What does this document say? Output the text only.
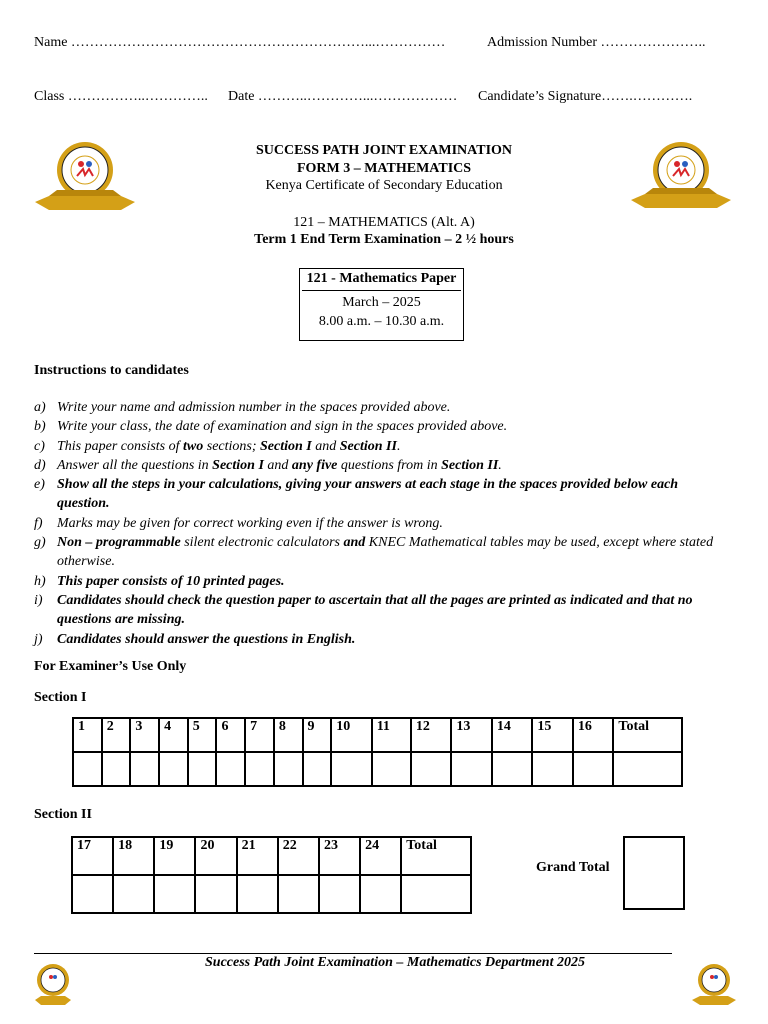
Name ………………………………………………………...……………	Admission Number …………………..
Class ……………..………….. Date ………..…………...……………… Candidate’s Signature…….………….
SUCCESS PATH JOINT EXAMINATION
FORM 3 – MATHEMATICS
Kenya Certificate of Secondary Education
121 – MATHEMATICS (Alt. A)
Term 1 End Term Examination – 2 ½ hours
121 - Mathematics Paper
March – 2025
8.00 a.m. – 10.30 a.m.
Instructions to candidates
a) Write your name and admission number in the spaces provided above.
b) Write your class, the date of examination and sign in the spaces provided above.
c) This paper consists of two sections; Section I and Section II.
d) Answer all the questions in Section I and any five questions from in Section II.
e) Show all the steps in your calculations, giving your answers at each stage in the spaces provided below each question.
f) Marks may be given for correct working even if the answer is wrong.
g) Non – programmable silent electronic calculators and KNEC Mathematical tables may be used, except where stated otherwise.
h) This paper consists of 10 printed pages.
i) Candidates should check the question paper to ascertain that all the pages are printed as indicated and that no questions are missing.
j) Candidates should answer the questions in English.
For Examiner’s Use Only
Section I
1	2	3	4	5	6	7	8	9	10	11	12	13	14	15	16	Total

Section II
17	18	19	20	21	22	23	24	Total

Grand Total
Success Path Joint Examination – Mathematics Department 2025
